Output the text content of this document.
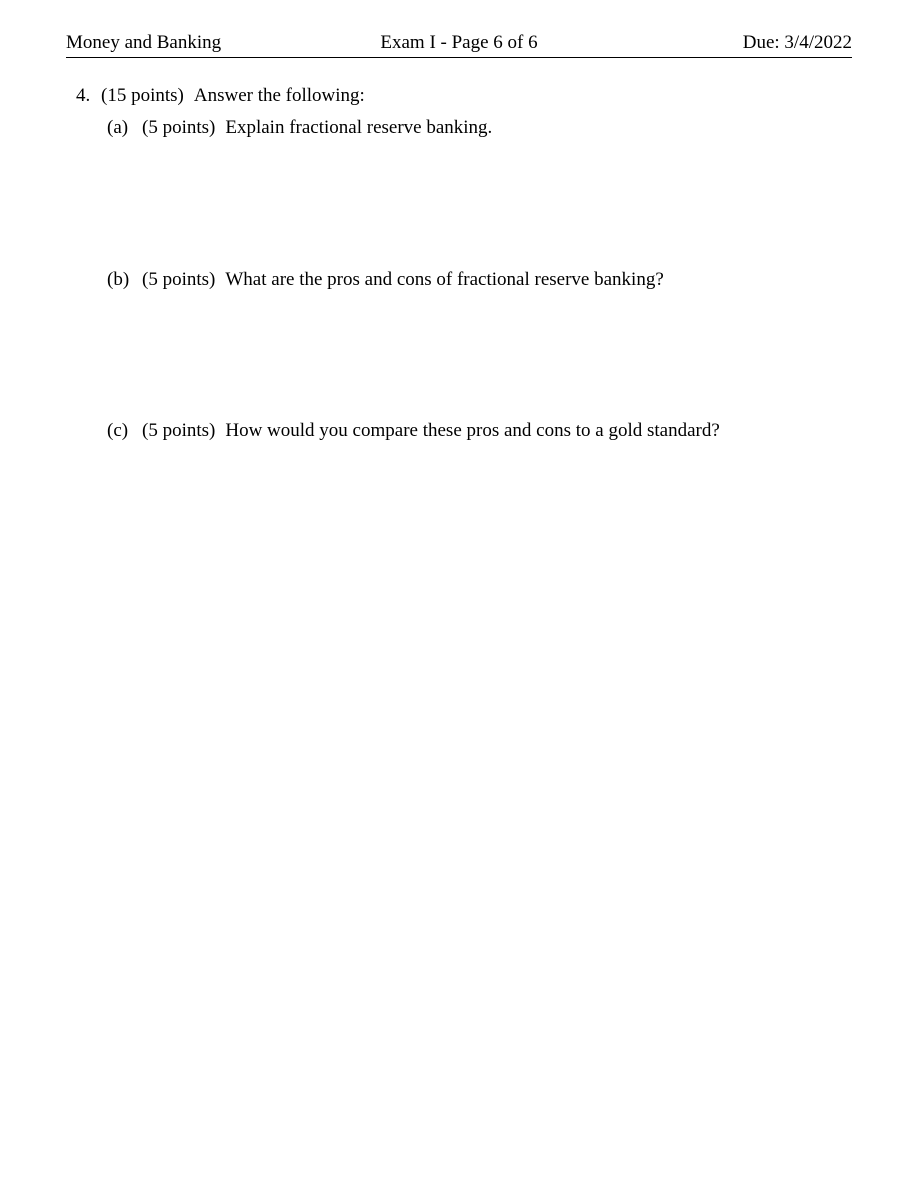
Money and Banking	Exam I - Page 6 of 6	Due: 3/4/2022
4. (15 points) Answer the following:
(a) (5 points) Explain fractional reserve banking.
(b) (5 points) What are the pros and cons of fractional reserve banking?
(c) (5 points) How would you compare these pros and cons to a gold standard?
